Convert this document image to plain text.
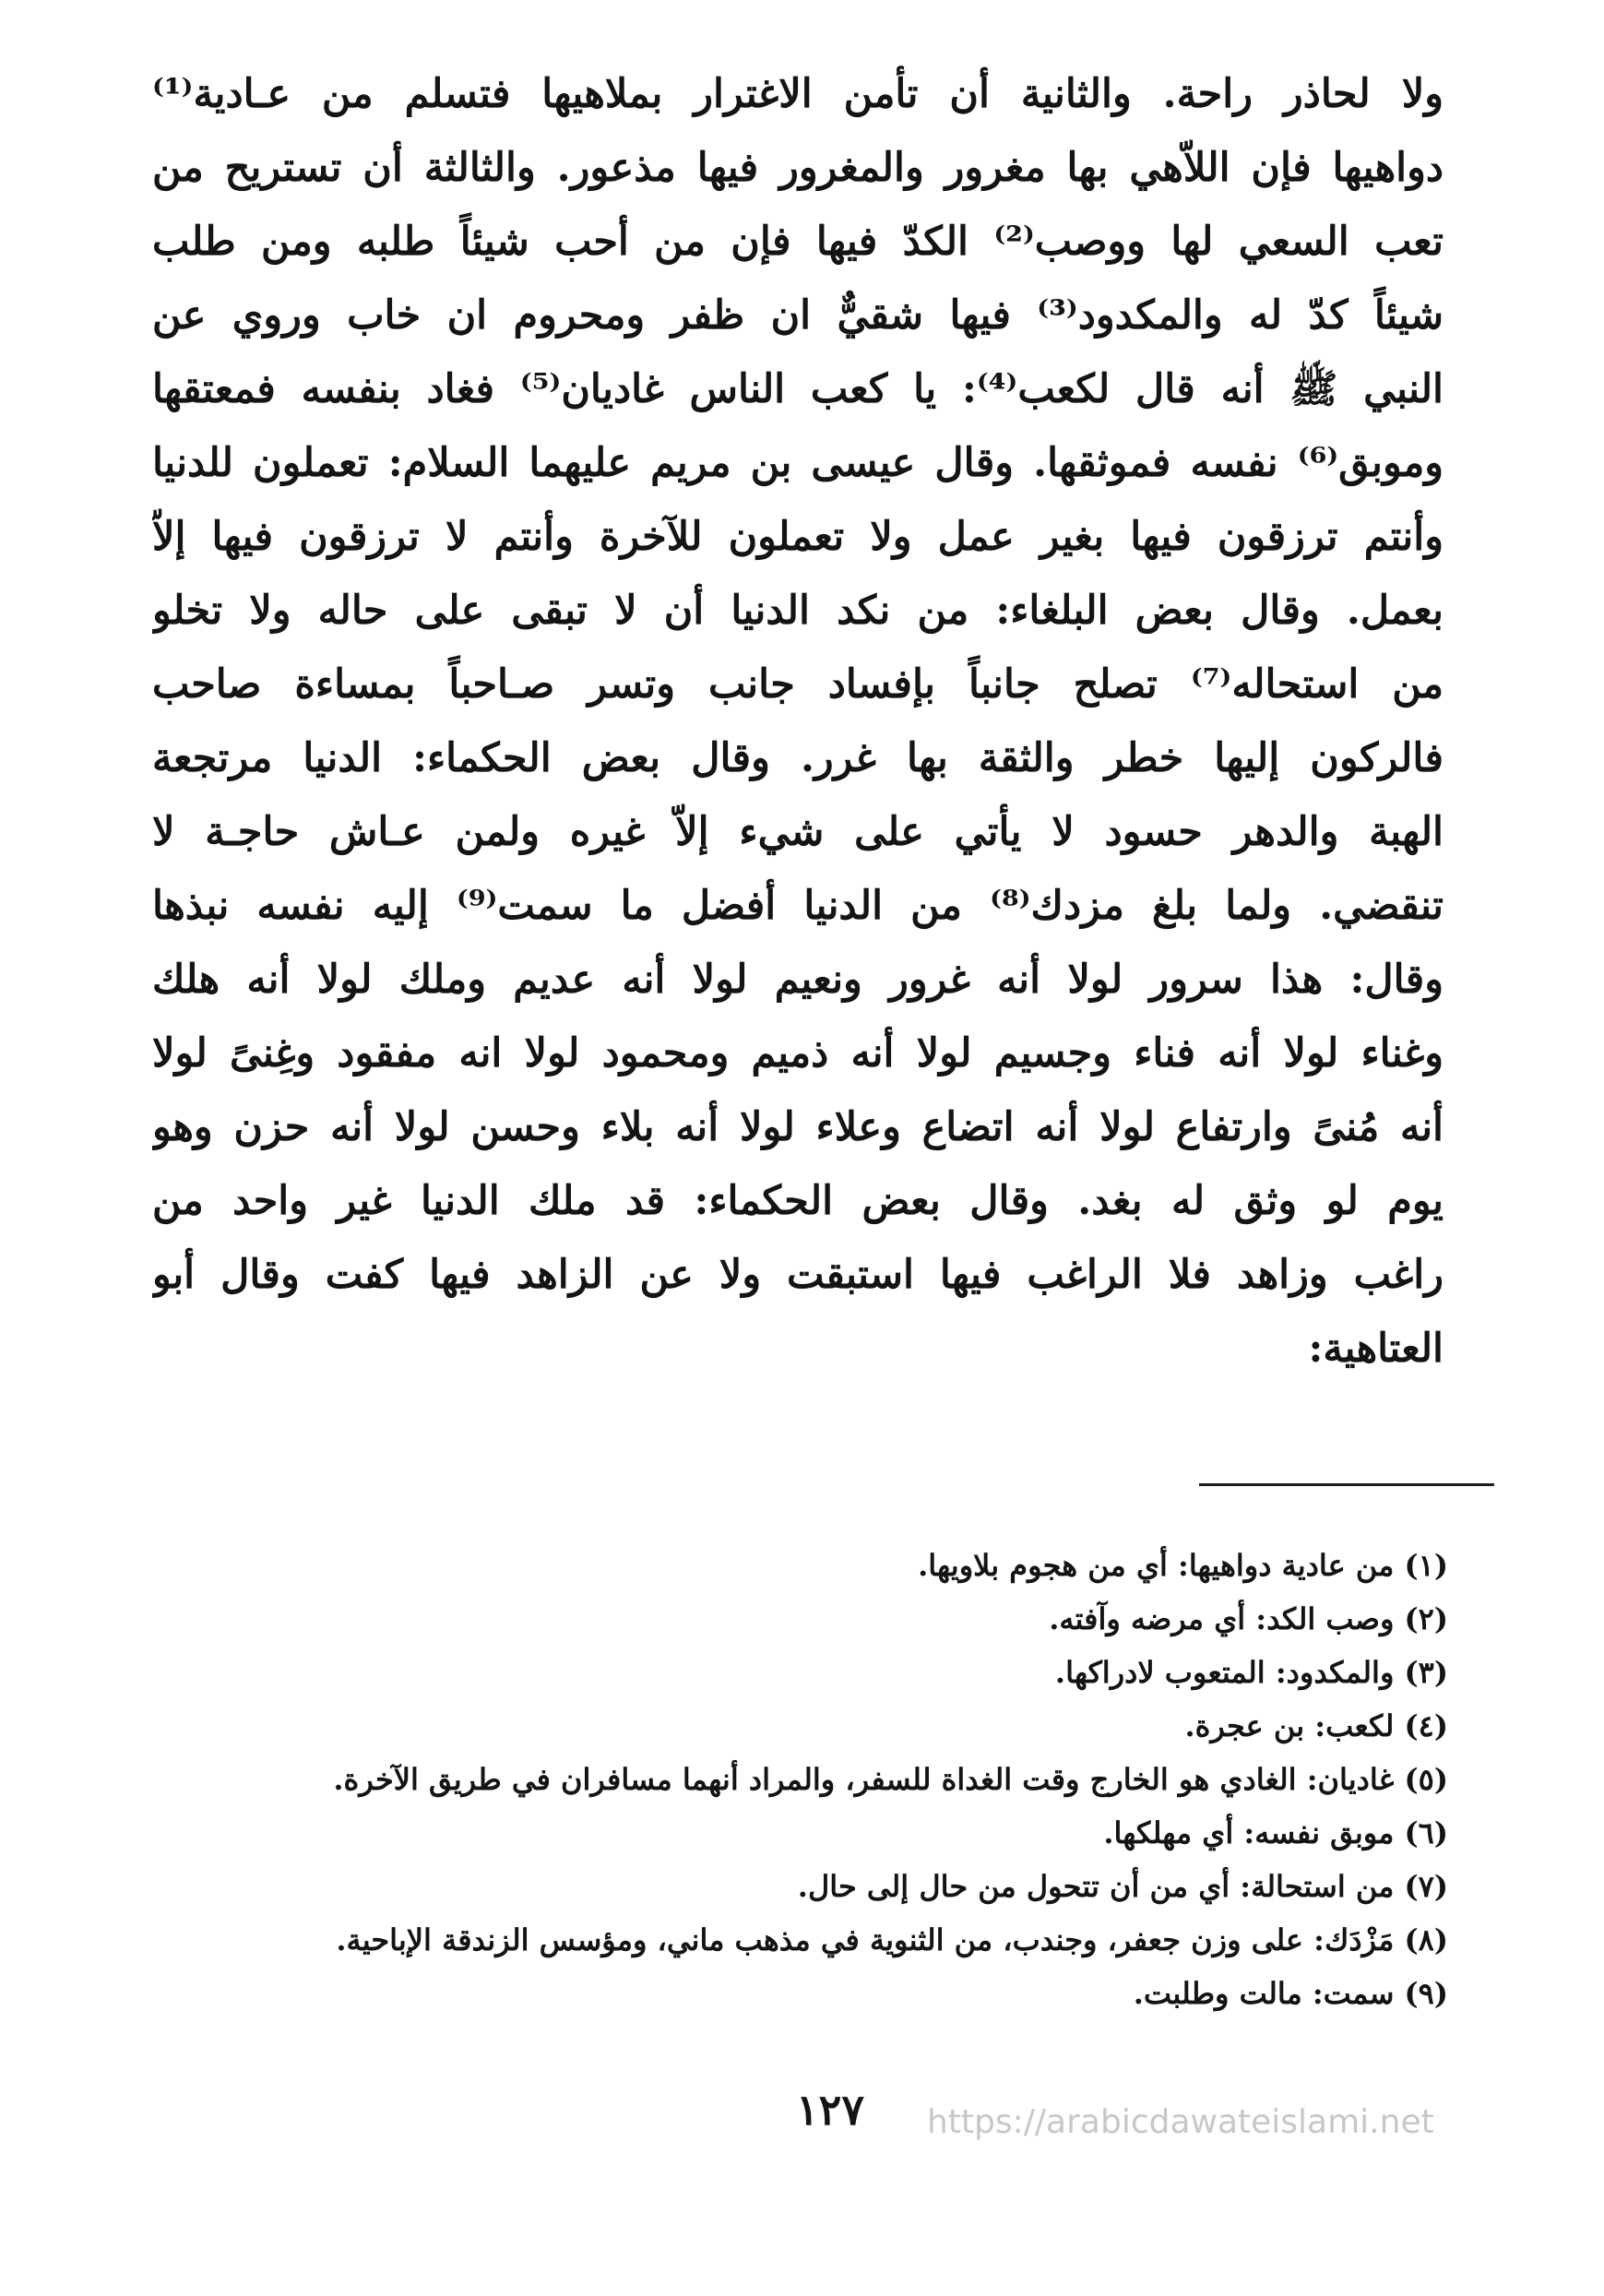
ولا لحاذر راحة. والثانية أن تأمن الاغترار بملاهيها فتسلم من عـادية⁽¹⁾
دواهيها فإن اللاّهي بها مغرور والمغرور فيها مذعور. والثالثة أن تستريح من
تعب السعي لها ووصب⁽²⁾ الكدّ فيها فإن من أحب شيئاً طلبه ومن طلب
شيئاً كدّ له والمكدود⁽³⁾ فيها شقيٌّ ان ظفر ومحروم ان خاب وروي عن
النبي ﷺ أنه قال لكعب⁽⁴⁾: يا كعب الناس غاديان⁽⁵⁾ فغاد بنفسه فمعتقها
وموبق⁽⁶⁾ نفسه فموثقها. وقال عيسى بن مريم عليهما السلام: تعملون للدنيا
وأنتم ترزقون فيها بغير عمل ولا تعملون للآخرة وأنتم لا ترزقون فيها إلاّ
بعمل. وقال بعض البلغاء: من نكد الدنيا أن لا تبقى على حاله ولا تخلو
من استحاله⁽⁷⁾ تصلح جانباً بإفساد جانب وتسر صـاحباً بمساءة صاحب
فالركون إليها خطر والثقة بها غرر. وقال بعض الحكماء: الدنيا مرتجعة
الهبة والدهر حسود لا يأتي على شيء إلاّ غيره ولمن عـاش حاجـة لا
تنقضي. ولما بلغ مزدك⁽⁸⁾ من الدنيا أفضل ما سمت⁽⁹⁾ إليه نفسه نبذها
وقال: هذا سرور لولا أنه غرور ونعيم لولا أنه عديم وملك لولا أنه هلك
وغناء لولا أنه فناء وجسيم لولا أنه ذميم ومحمود لولا انه مفقود وغِنىً لولا
أنه مُنىً وارتفاع لولا أنه اتضاع وعلاء لولا أنه بلاء وحسن لولا أنه حزن وهو
يوم لو وثق له بغد. وقال بعض الحكماء: قد ملك الدنيا غير واحد من
راغب وزاهد فلا الراغب فيها استبقت ولا عن الزاهد فيها كفت وقال أبو
العتاهية:
(١) من عادية دواهيها: أي من هجوم بلاويها.
(٢) وصب الكد: أي مرضه وآفته.
(٣) والمكدود: المتعوب لادراكها.
(٤) لكعب: بن عجرة.
(٥) غاديان: الغادي هو الخارج وقت الغداة للسفر، والمراد أنهما مسافران في طريق الآخرة.
(٦) موبق نفسه: أي مهلكها.
(٧) من استحالة: أي من أن تتحول من حال إلى حال.
(٨) مَزْدَك: على وزن جعفر، وجندب، من الثنوية في مذهب ماني، ومؤسس الزندقة الإباحية.
(٩) سمت: مالت وطلبت.
١٢٧	https://arabicdawateislami.net
